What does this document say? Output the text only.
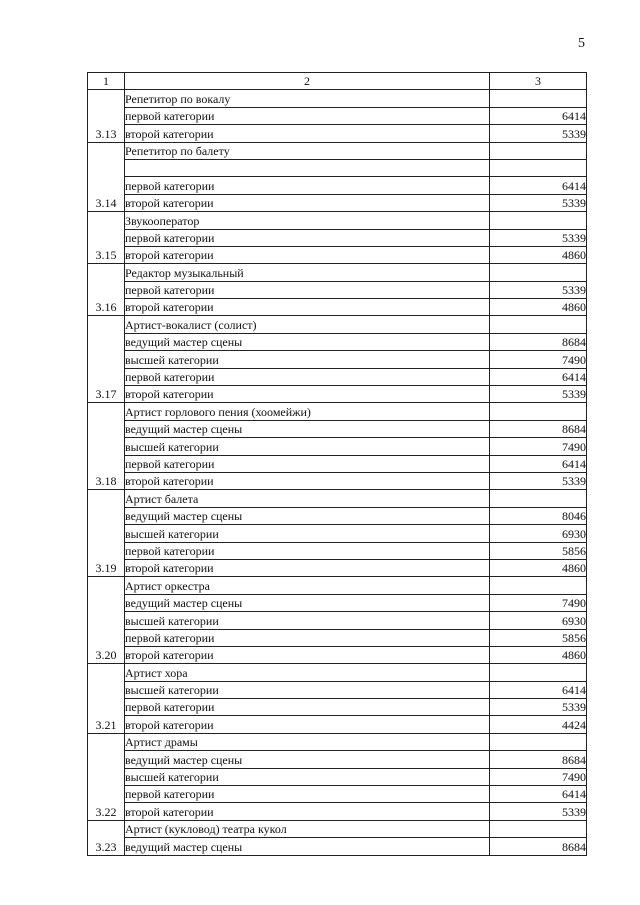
5
1	2	3
3.13	Репетитор по вокалу	
	первой категории	6414
	второй категории	5339
3.14	Репетитор по балету	

	первой категории	6414
	второй категории	5339
3.15	Звукооператор	
	первой категории	5339
	второй категории	4860
3.16	Редактор музыкальный	
	первой категории	5339
	второй категории	4860
3.17	Артист-вокалист (солист)	
	ведущий мастер сцены	8684
	высшей категории	7490
	первой категории	6414
	второй категории	5339
3.18	Артист горлового пения (хоомейжи)	
	ведущий мастер сцены	8684
	высшей категории	7490
	первой категории	6414
	второй категории	5339
3.19	Артист балета	
	ведущий мастер сцены	8046
	высшей категории	6930
	первой категории	5856
	второй категории	4860
3.20	Артист оркестра	
	ведущий мастер сцены	7490
	высшей категории	6930
	первой категории	5856
	второй категории	4860
3.21	Артист хора	
	высшей категории	6414
	первой категории	5339
	второй категории	4424
3.22	Артист драмы	
	ведущий мастер сцены	8684
	высшей категории	7490
	первой категории	6414
	второй категории	5339
3.23	Артист (кукловод) театра кукол	
	ведущий мастер сцены	8684
